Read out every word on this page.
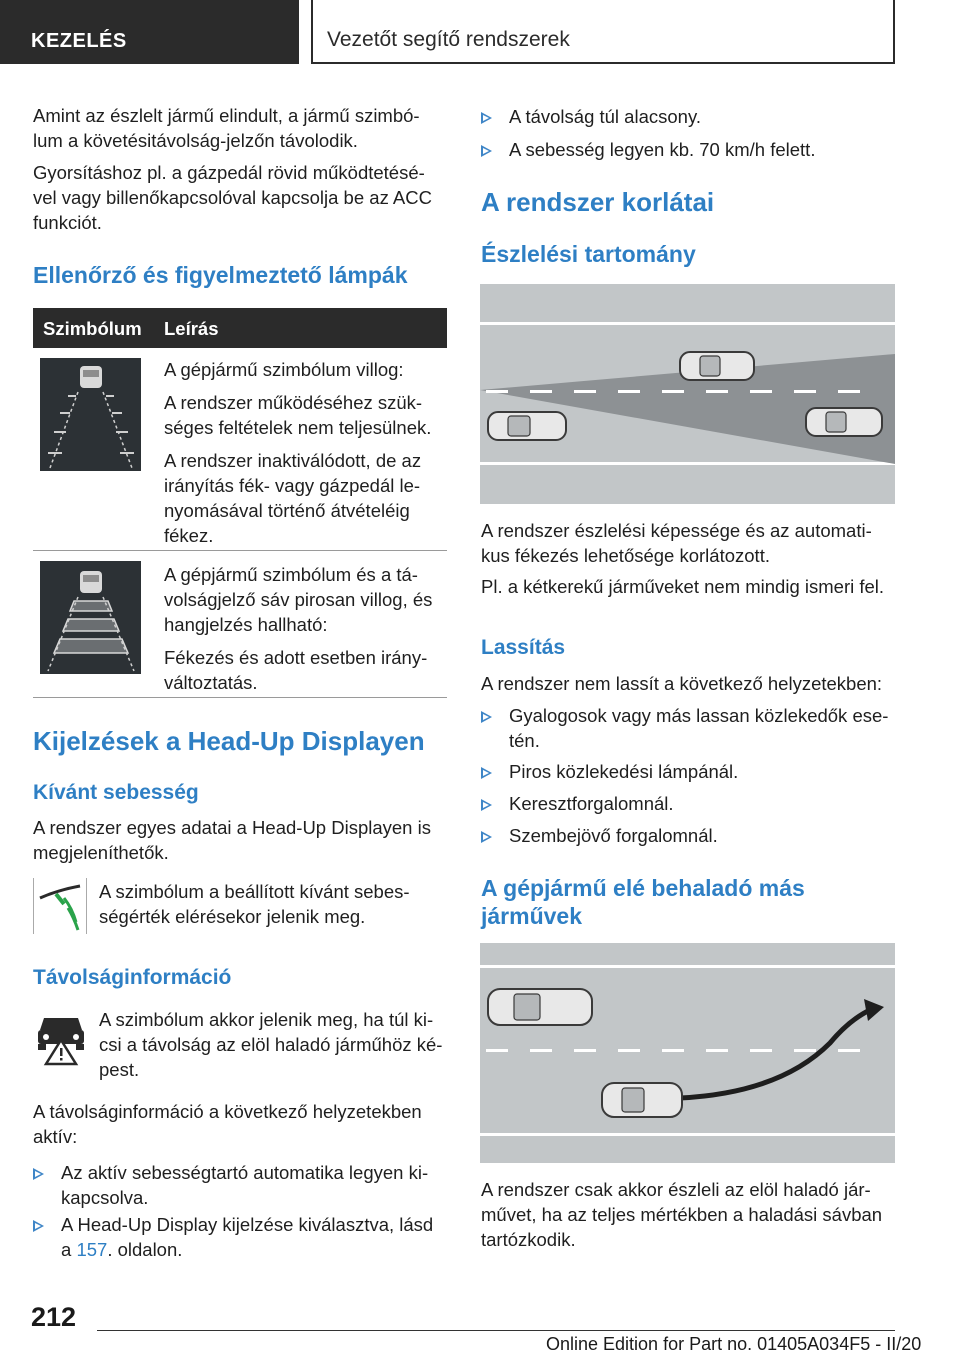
KEZELÉS	Vezetőt segítő rendszerek
Amint az észlelt jármű elindult, a jármű szimbó-
lum a követésitávolság-jelzőn távolodik.
Gyorsításhoz pl. a gázpedál rövid működtetésé-
vel vagy billenőkapcsolóval kapcsolja be az ACC
funkciót.
Ellenőrző és figyelmeztető lámpák
Szimbólum Leírás
A gépjármű szimbólum villog:
A rendszer működéséhez szük-
séges feltételek nem teljesülnek.
A rendszer inaktiválódott, de az
irányítás fék- vagy gázpedál le-
nyomásával történő átvételéig
fékez.
A gépjármű szimbólum és a tá-
volságjelző sáv pirosan villog, és
hangjelzés hallható:
Fékezés és adott esetben irány-
változtatás.
Kijelzések a Head-Up Displayen
Kívánt sebesség
A rendszer egyes adatai a Head-Up Displayen is
megjeleníthetők.
A szimbólum a beállított kívánt sebes-
ségérték elérésekor jelenik meg.
Távolságinformáció
A szimbólum akkor jelenik meg, ha túl ki-
csi a távolság az elöl haladó járműhöz ké-
pest.
A távolságinformáció a következő helyzetekben
aktív:
Az aktív sebességtartó automatika legyen ki-
kapcsolva.
A Head-Up Display kijelzése kiválasztva, lásd
a 157. oldalon.
A távolság túl alacsony.
A sebesség legyen kb. 70 km/h felett.
A rendszer korlátai
Észlelési tartomány
A rendszer észlelési képessége és az automati-
kus fékezés lehetősége korlátozott.
Pl. a kétkerekű járműveket nem mindig ismeri fel.
Lassítás
A rendszer nem lassít a következő helyzetekben:
Gyalogosok vagy más lassan közlekedők ese-
tén.
Piros közlekedési lámpánál.
Keresztforgalomnál.
Szembejövő forgalomnál.
A gépjármű elé behaladó más
járművek
A rendszer csak akkor észleli az elöl haladó jár-
művet, ha az teljes mértékben a haladási sávban
tartózkodik.
212
Online Edition for Part no. 01405A034F5 - II/20
